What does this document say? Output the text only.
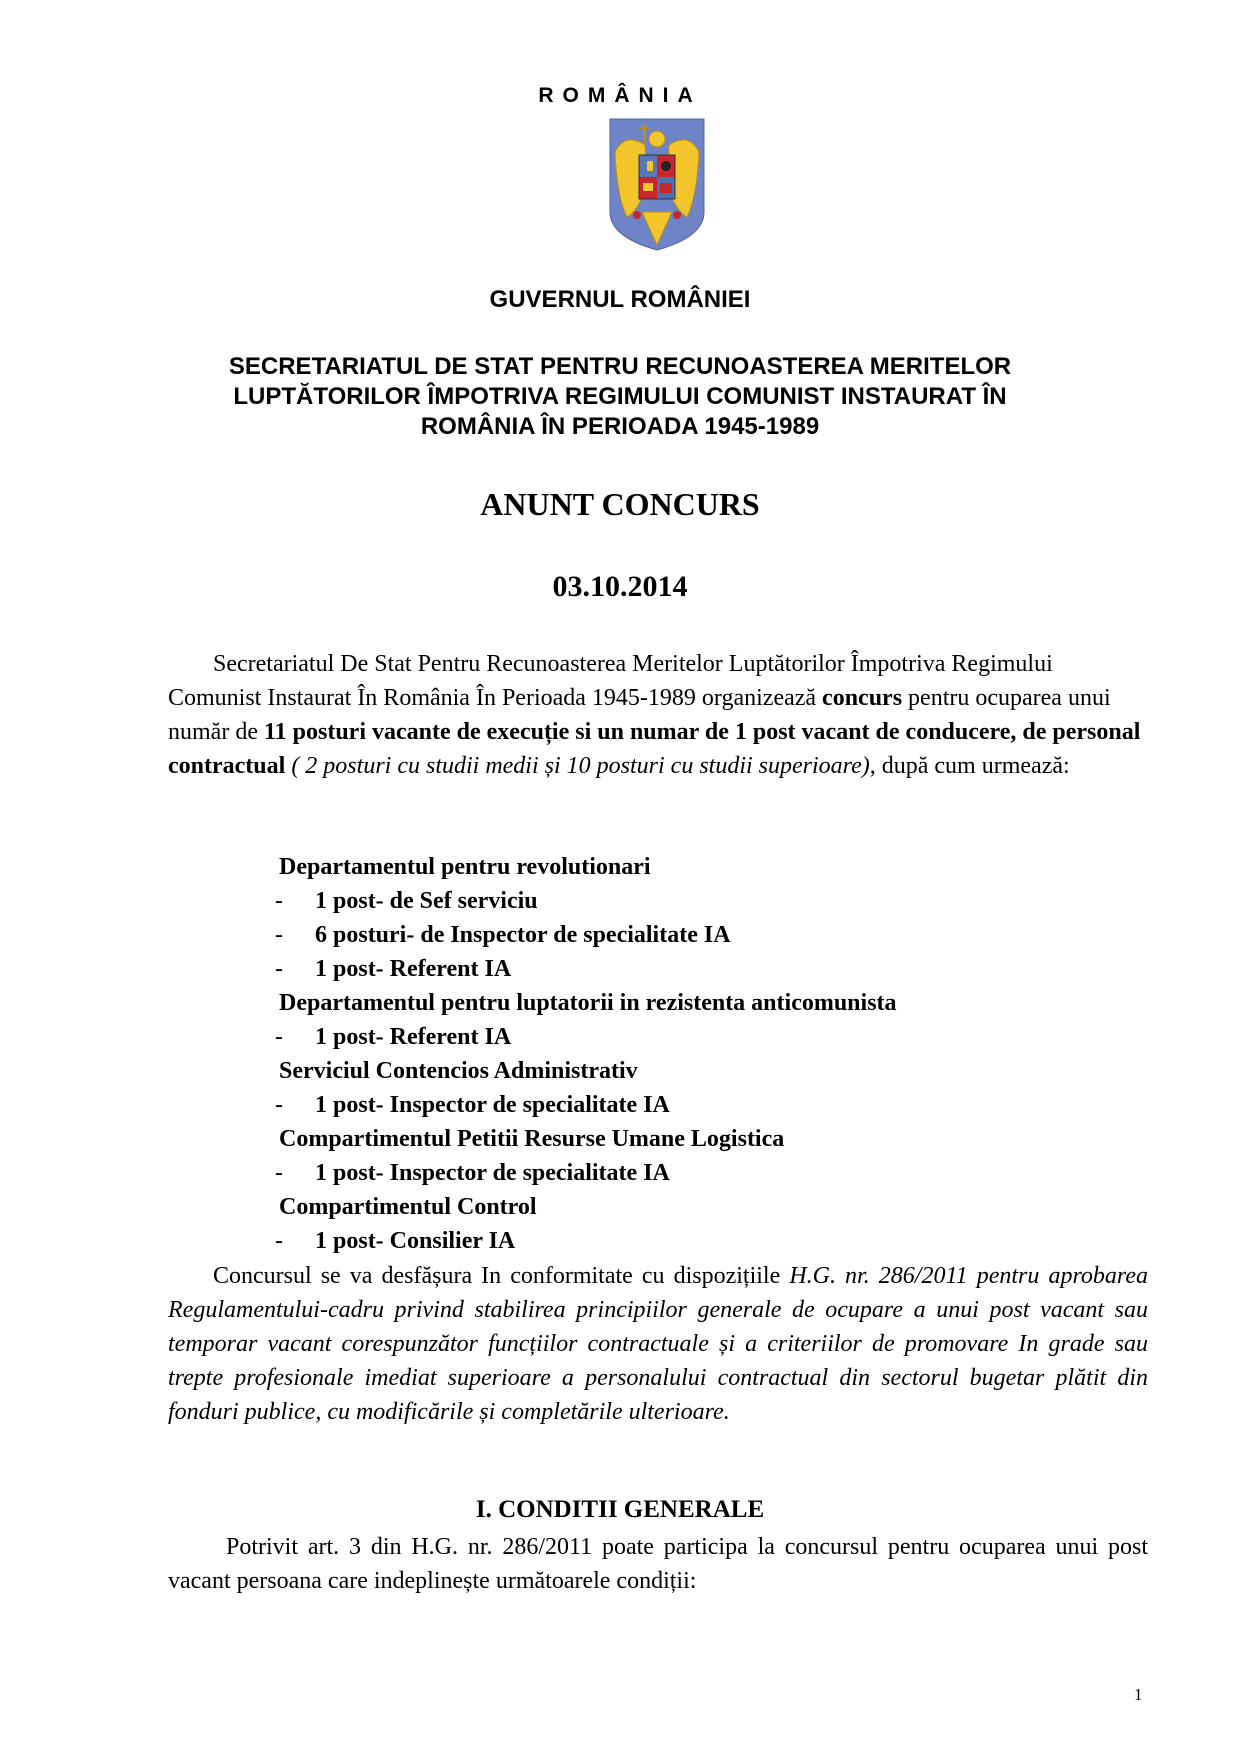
ROMÂNIA
GUVERNUL ROMÂNIEI
SECRETARIATUL DE STAT PENTRU RECUNOASTEREA MERITELOR
LUPTĂTORILOR ÎMPOTRIVA REGIMULUI COMUNIST INSTAURAT ÎN
ROMÂNIA ÎN PERIOADA 1945-1989
ANUNT CONCURS
03.10.2014
Secretariatul De Stat Pentru Recunoasterea Meritelor Luptătorilor Împotriva Regimului Comunist Instaurat În România În Perioada 1945-1989 organizează concurs pentru ocuparea unui număr de 11 posturi vacante de execuție si un numar de 1 post vacant de conducere, de personal contractual ( 2 posturi cu studii medii și 10 posturi cu studii superioare), după cum urmează:
Departamentul pentru revolutionari
- 1 post- de Sef serviciu
- 6 posturi- de Inspector de specialitate IA
- 1 post- Referent IA
Departamentul pentru luptatorii in rezistenta anticomunista
- 1 post- Referent IA
Serviciul Contencios Administrativ
- 1 post- Inspector de specialitate IA
Compartimentul Petitii Resurse Umane Logistica
- 1 post- Inspector de specialitate IA
Compartimentul Control
- 1 post- Consilier IA
Concursul se va desfășura In conformitate cu dispozițiile H.G. nr. 286/2011 pentru aprobarea Regulamentului-cadru privind stabilirea principiilor generale de ocupare a unui post vacant sau temporar vacant corespunzător funcțiilor contractuale și a criteriilor de promovare In grade sau trepte profesionale imediat superioare a personalului contractual din sectorul bugetar plătit din fonduri publice, cu modificările și completările ulterioare.
I. CONDITII GENERALE
Potrivit art. 3 din H.G. nr. 286/2011 poate participa la concursul pentru ocuparea unui post vacant persoana care indeplinește următoarele condiții:
1
